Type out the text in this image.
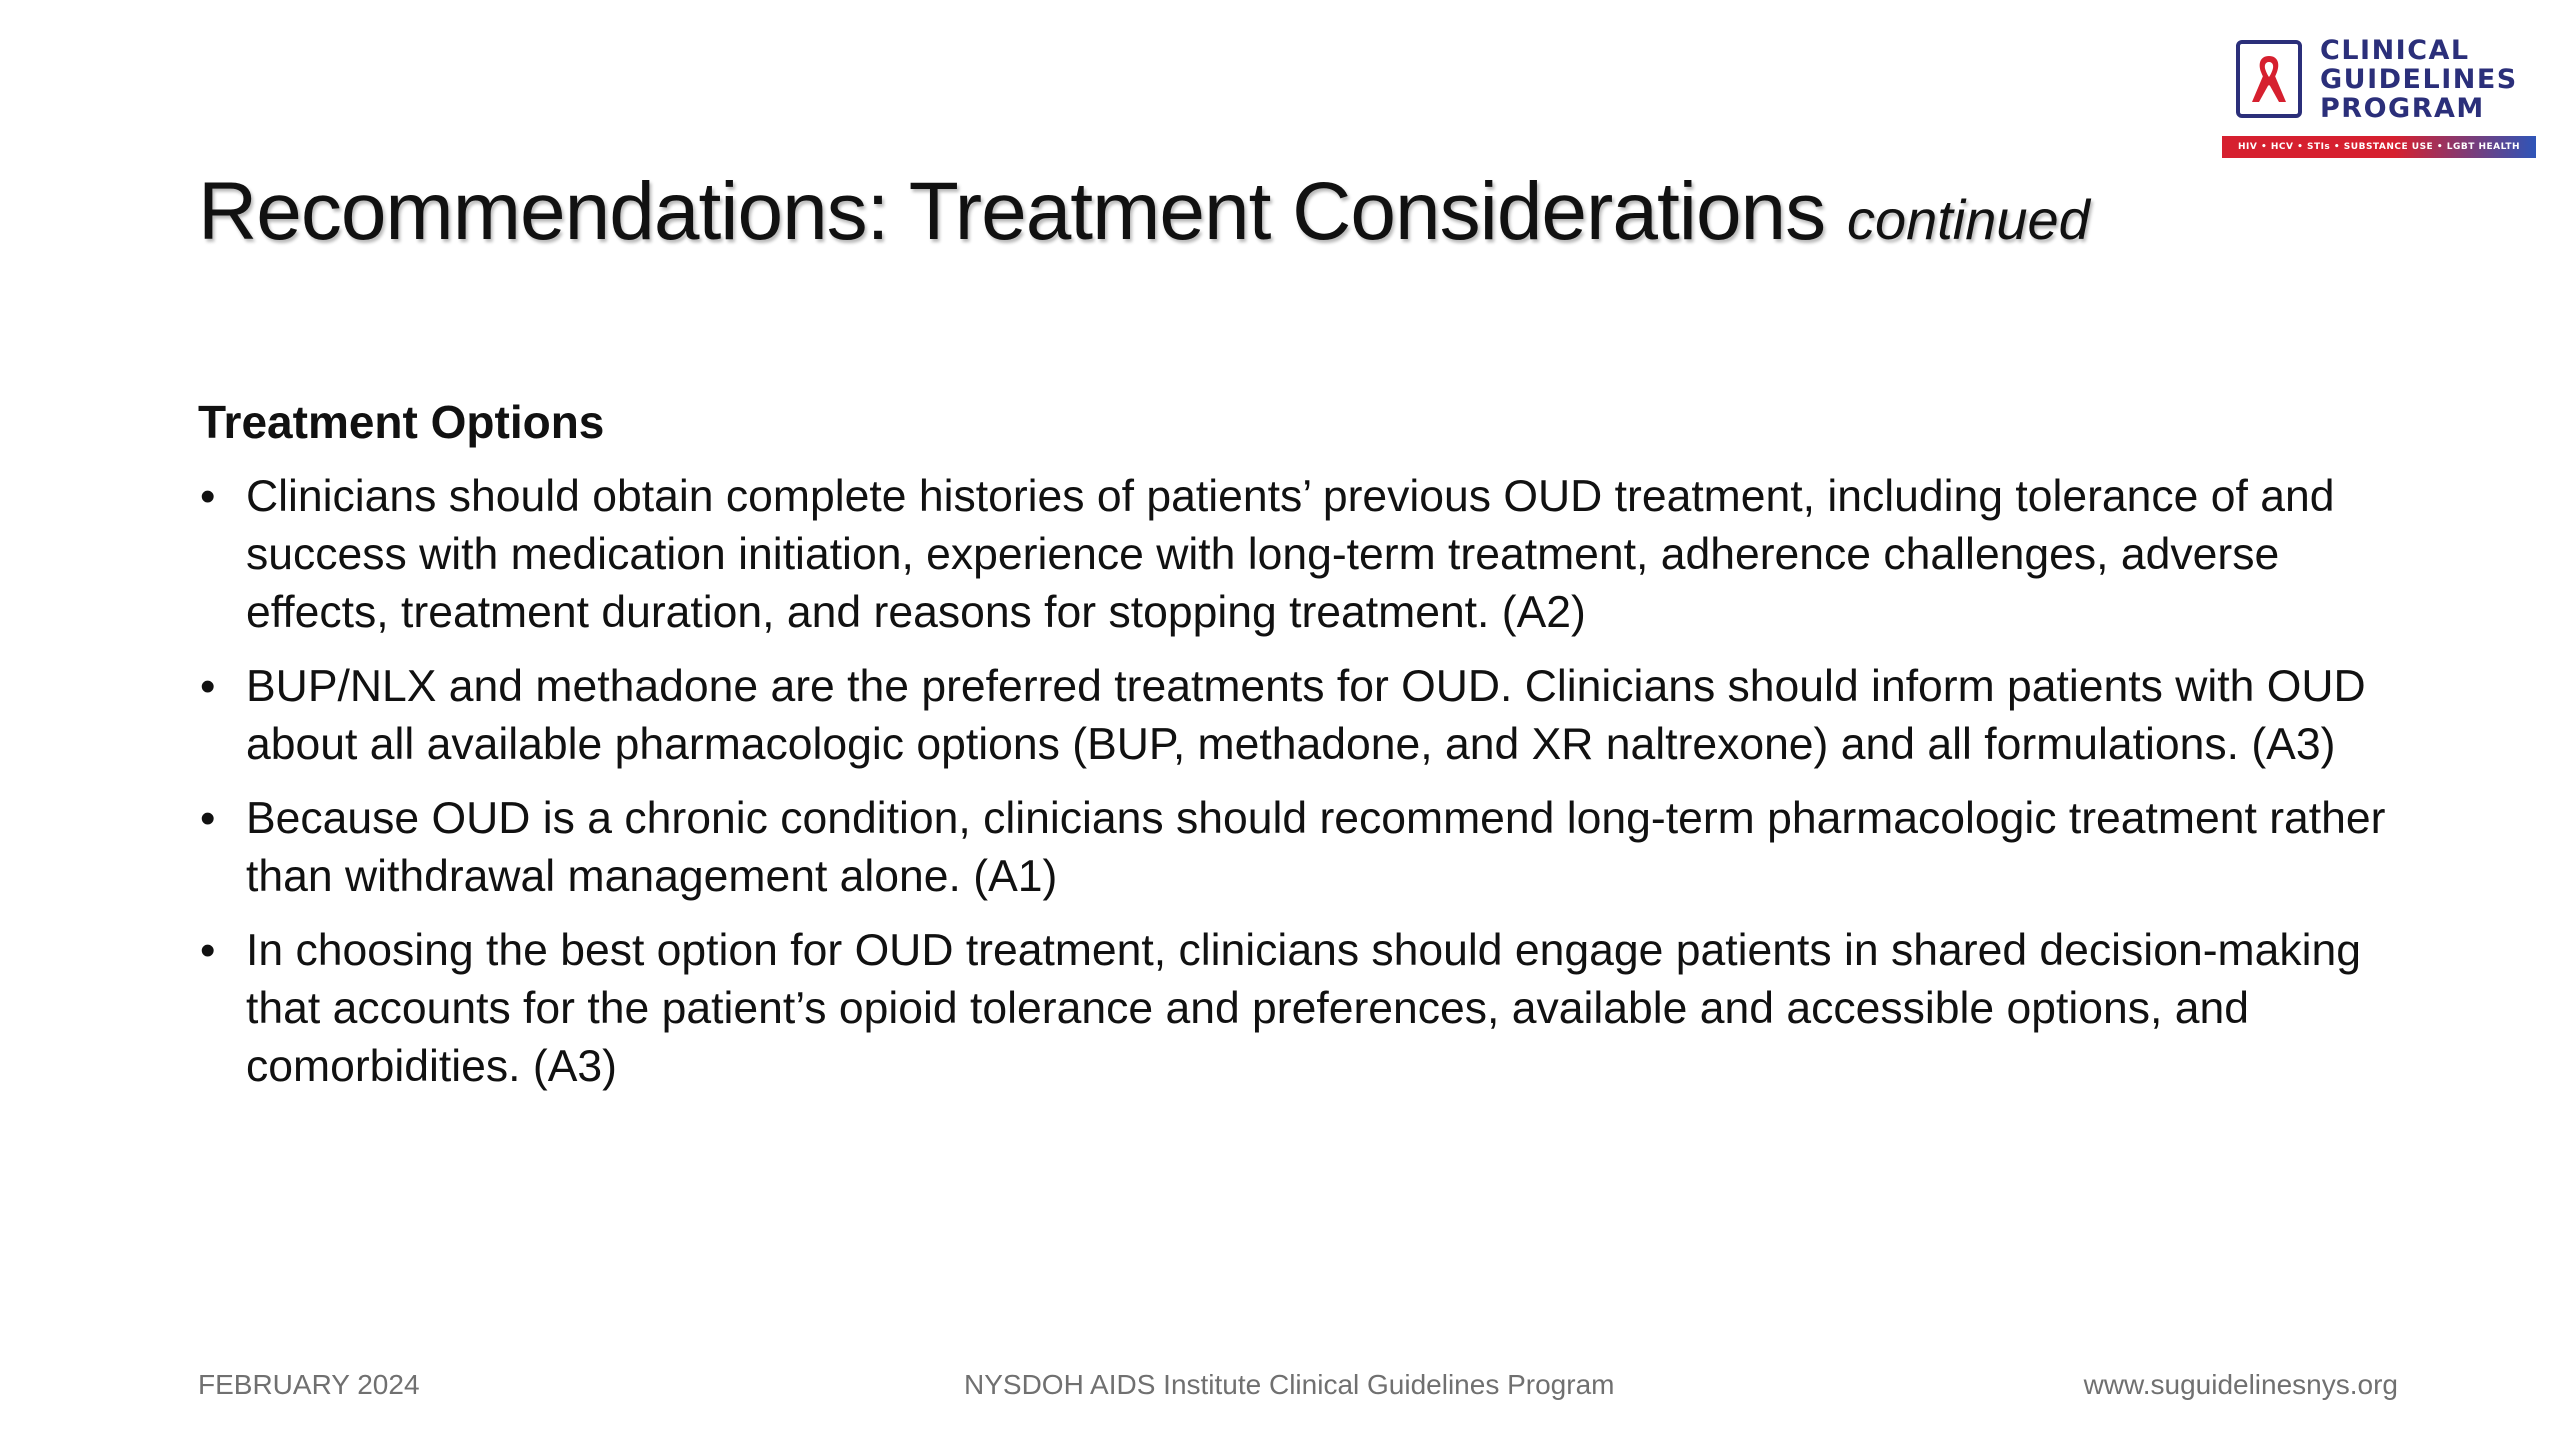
CLINICAL
GUIDELINES
PROGRAM
HIV • HCV • STIs • SUBSTANCE USE • LGBT HEALTH
Recommendations: Treatment Considerations continued
Treatment Options
• Clinicians should obtain complete histories of patients’ previous OUD treatment, including tolerance of and success with medication initiation, experience with long-term treatment, adherence challenges, adverse effects, treatment duration, and reasons for stopping treatment. (A2)
• BUP/NLX and methadone are the preferred treatments for OUD. Clinicians should inform patients with OUD about all available pharmacologic options (BUP, methadone, and XR naltrexone) and all formulations. (A3)
• Because OUD is a chronic condition, clinicians should recommend long-term pharmacologic treatment rather than withdrawal management alone. (A1)
• In choosing the best option for OUD treatment, clinicians should engage patients in shared decision-making that accounts for the patient’s opioid tolerance and preferences, available and accessible options, and comorbidities. (A3)
FEBRUARY 2024	NYSDOH AIDS Institute Clinical Guidelines Program	www.suguidelinesnys.org
